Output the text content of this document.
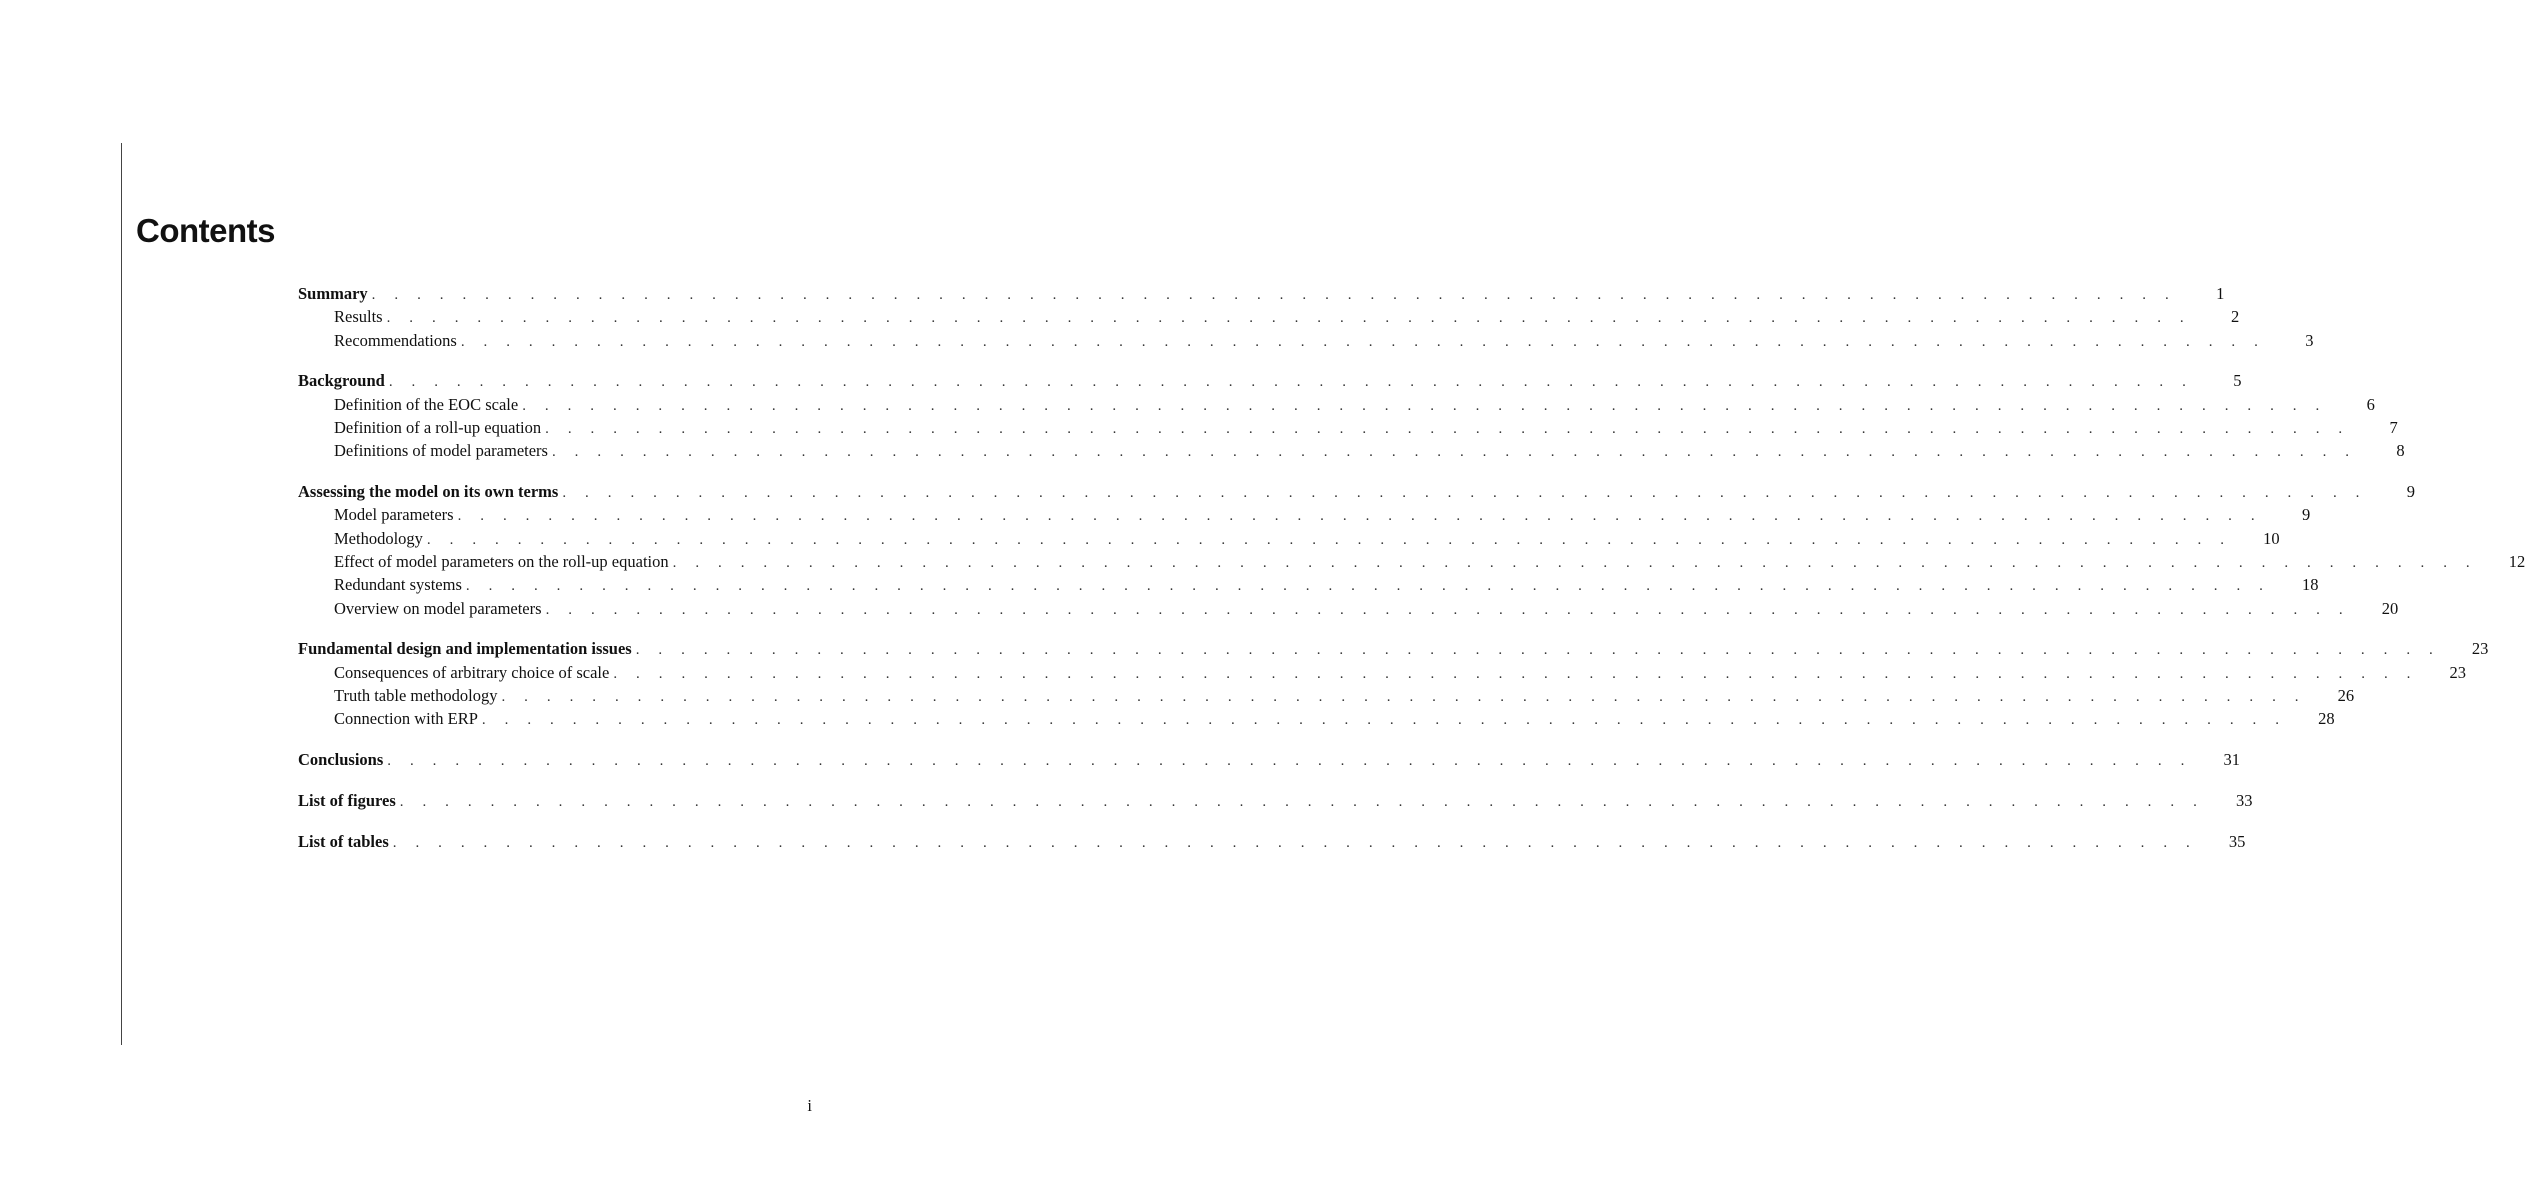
Contents
Summary . . . . . . . . . . . . . . . . . . . . . . . . . . . . . . . . . . . . . . . . . . . . . . . . . . . . . . . . . . . . . . . . . . . . . . . . . . . . . . . .	1
Results . . . . . . . . . . . . . . . . . . . . . . . . . . . . . . . . . . . . . . . . . . . . . . . . . . . . . . . . . . . . . . . . . . . . . . . . . . . . . . . .	2
Recommendations . . . . . . . . . . . . . . . . . . . . . . . . . . . . . . . . . . . . . . . . . . . . . . . . . . . . . . . . . . . . . . . . . . . . . . . . . . . . . . . .	3
Background . . . . . . . . . . . . . . . . . . . . . . . . . . . . . . . . . . . . . . . . . . . . . . . . . . . . . . . . . . . . . . . . . . . . . . . . . . . . . . . .	5
Definition of the EOC scale . . . . . . . . . . . . . . . . . . . . . . . . . . . . . . . . . . . . . . . . . . . . . . . . . . . . . . . . . . . . . . . . . . . . . . . . . . . . . . . .	6
Definition of a roll-up equation . . . . . . . . . . . . . . . . . . . . . . . . . . . . . . . . . . . . . . . . . . . . . . . . . . . . . . . . . . . . . . . . . . . . . . . . . . . . . . . .	7
Definitions of model parameters . . . . . . . . . . . . . . . . . . . . . . . . . . . . . . . . . . . . . . . . . . . . . . . . . . . . . . . . . . . . . . . . . . . . . . . . . . . . . . . .	8
Assessing the model on its own terms . . . . . . . . . . . . . . . . . . . . . . . . . . . . . . . . . . . . . . . . . . . . . . . . . . . . . . . . . . . . . . . . . . . . . . . . . . . . . . . .	9
Model parameters . . . . . . . . . . . . . . . . . . . . . . . . . . . . . . . . . . . . . . . . . . . . . . . . . . . . . . . . . . . . . . . . . . . . . . . . . . . . . . . .	9
Methodology . . . . . . . . . . . . . . . . . . . . . . . . . . . . . . . . . . . . . . . . . . . . . . . . . . . . . . . . . . . . . . . . . . . . . . . . . . . . . . . .	10
Effect of model parameters on the roll-up equation . . . . . . . . . . . . . . . . . . . . . . . . . . . . . . . . . . . . . . . . . . . . . . . . . . . . . . . . . . . . . . . . . . . . . . . . . . . . . . . .	12
Redundant systems . . . . . . . . . . . . . . . . . . . . . . . . . . . . . . . . . . . . . . . . . . . . . . . . . . . . . . . . . . . . . . . . . . . . . . . . . . . . . . . .	18
Overview on model parameters . . . . . . . . . . . . . . . . . . . . . . . . . . . . . . . . . . . . . . . . . . . . . . . . . . . . . . . . . . . . . . . . . . . . . . . . . . . . . . . .	20
Fundamental design and implementation issues . . . . . . . . . . . . . . . . . . . . . . . . . . . . . . . . . . . . . . . . . . . . . . . . . . . . . . . . . . . . . . . . . . . . . . . . . . . . . . . .	23
Consequences of arbitrary choice of scale . . . . . . . . . . . . . . . . . . . . . . . . . . . . . . . . . . . . . . . . . . . . . . . . . . . . . . . . . . . . . . . . . . . . . . . . . . . . . . . .	23
Truth table methodology . . . . . . . . . . . . . . . . . . . . . . . . . . . . . . . . . . . . . . . . . . . . . . . . . . . . . . . . . . . . . . . . . . . . . . . . . . . . . . . .	26
Connection with ERP . . . . . . . . . . . . . . . . . . . . . . . . . . . . . . . . . . . . . . . . . . . . . . . . . . . . . . . . . . . . . . . . . . . . . . . . . . . . . . . .	28
Conclusions . . . . . . . . . . . . . . . . . . . . . . . . . . . . . . . . . . . . . . . . . . . . . . . . . . . . . . . . . . . . . . . . . . . . . . . . . . . . . . . .	31
List of figures . . . . . . . . . . . . . . . . . . . . . . . . . . . . . . . . . . . . . . . . . . . . . . . . . . . . . . . . . . . . . . . . . . . . . . . . . . . . . . . .	33
List of tables . . . . . . . . . . . . . . . . . . . . . . . . . . . . . . . . . . . . . . . . . . . . . . . . . . . . . . . . . . . . . . . . . . . . . . . . . . . . . . . .	35
i
